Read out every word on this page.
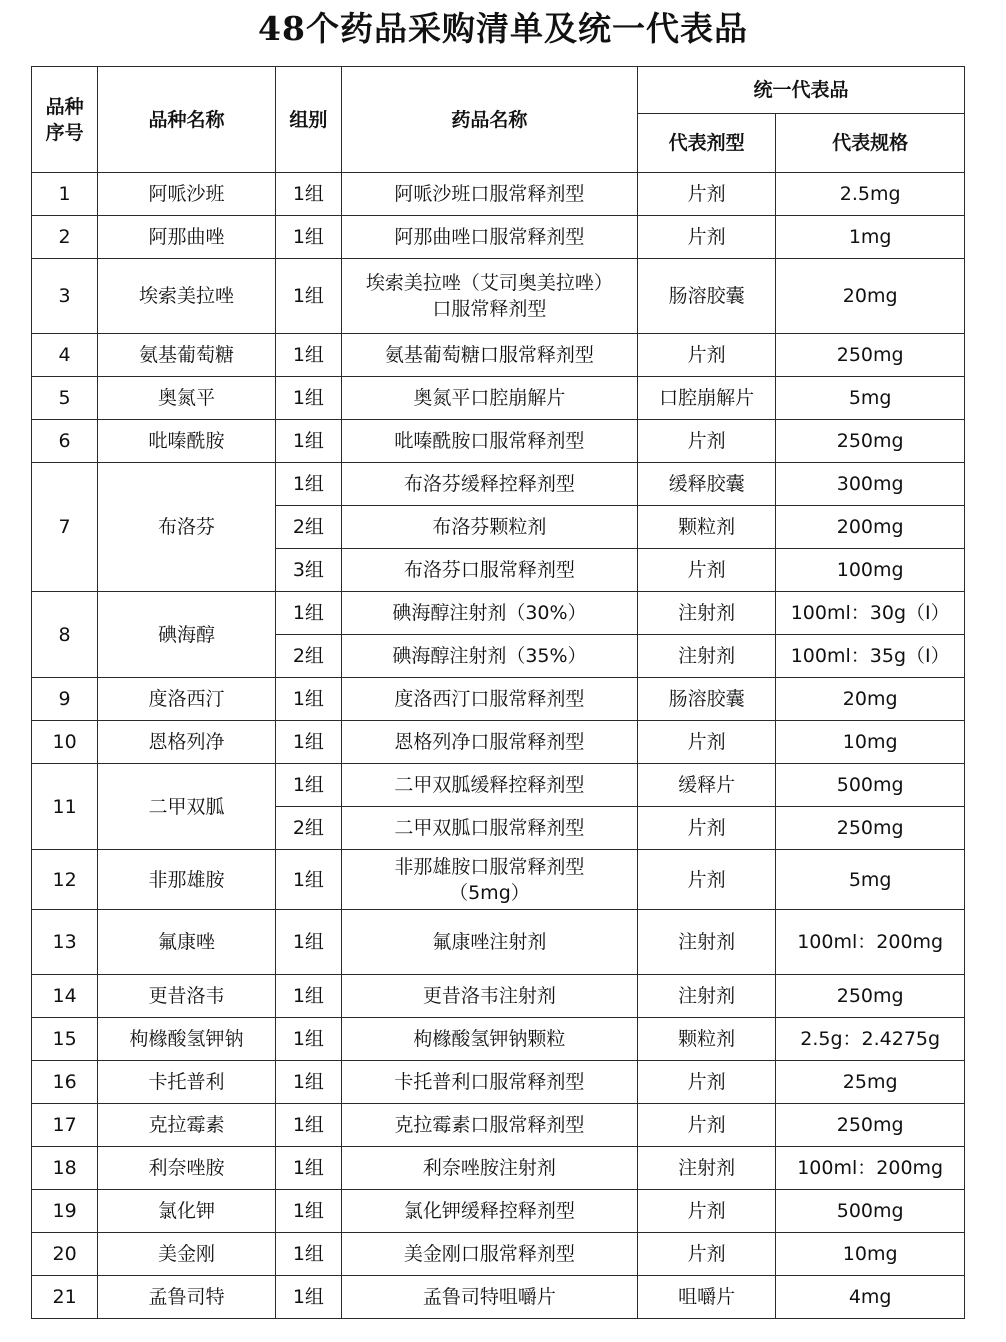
48个药品采购清单及统一代表品
品种序号	品种名称	组别	药品名称	统一代表品	
				代表剂型	代表规格
1	阿哌沙班	1组	阿哌沙班口服常释剂型	片剂	2.5mg
2	阿那曲唑	1组	阿那曲唑口服常释剂型	片剂	1mg
3	埃索美拉唑	1组	埃索美拉唑（艾司奥美拉唑）口服常释剂型	肠溶胶囊	20mg
4	氨基葡萄糖	1组	氨基葡萄糖口服常释剂型	片剂	250mg
5	奥氮平	1组	奥氮平口腔崩解片	口腔崩解片	5mg
6	吡嗪酰胺	1组	吡嗪酰胺口服常释剂型	片剂	250mg
7	布洛芬	1组	布洛芬缓释控释剂型	缓释胶囊	300mg
		2组	布洛芬颗粒剂	颗粒剂	200mg
		3组	布洛芬口服常释剂型	片剂	100mg
8	碘海醇	1组	碘海醇注射剂（30%）	注射剂	100ml：30g（I）
		2组	碘海醇注射剂（35%）	注射剂	100ml：35g（I）
9	度洛西汀	1组	度洛西汀口服常释剂型	肠溶胶囊	20mg
10	恩格列净	1组	恩格列净口服常释剂型	片剂	10mg
11	二甲双胍	1组	二甲双胍缓释控释剂型	缓释片	500mg
		2组	二甲双胍口服常释剂型	片剂	250mg
12	非那雄胺	1组	非那雄胺口服常释剂型（5mg）	片剂	5mg
13	氟康唑	1组	氟康唑注射剂	注射剂	100ml：200mg
14	更昔洛韦	1组	更昔洛韦注射剂	注射剂	250mg
15	枸橼酸氢钾钠	1组	枸橼酸氢钾钠颗粒	颗粒剂	2.5g：2.4275g
16	卡托普利	1组	卡托普利口服常释剂型	片剂	25mg
17	克拉霉素	1组	克拉霉素口服常释剂型	片剂	250mg
18	利奈唑胺	1组	利奈唑胺注射剂	注射剂	100ml：200mg
19	氯化钾	1组	氯化钾缓释控释剂型	片剂	500mg
20	美金刚	1组	美金刚口服常释剂型	片剂	10mg
21	孟鲁司特	1组	孟鲁司特咀嚼片	咀嚼片	4mg
